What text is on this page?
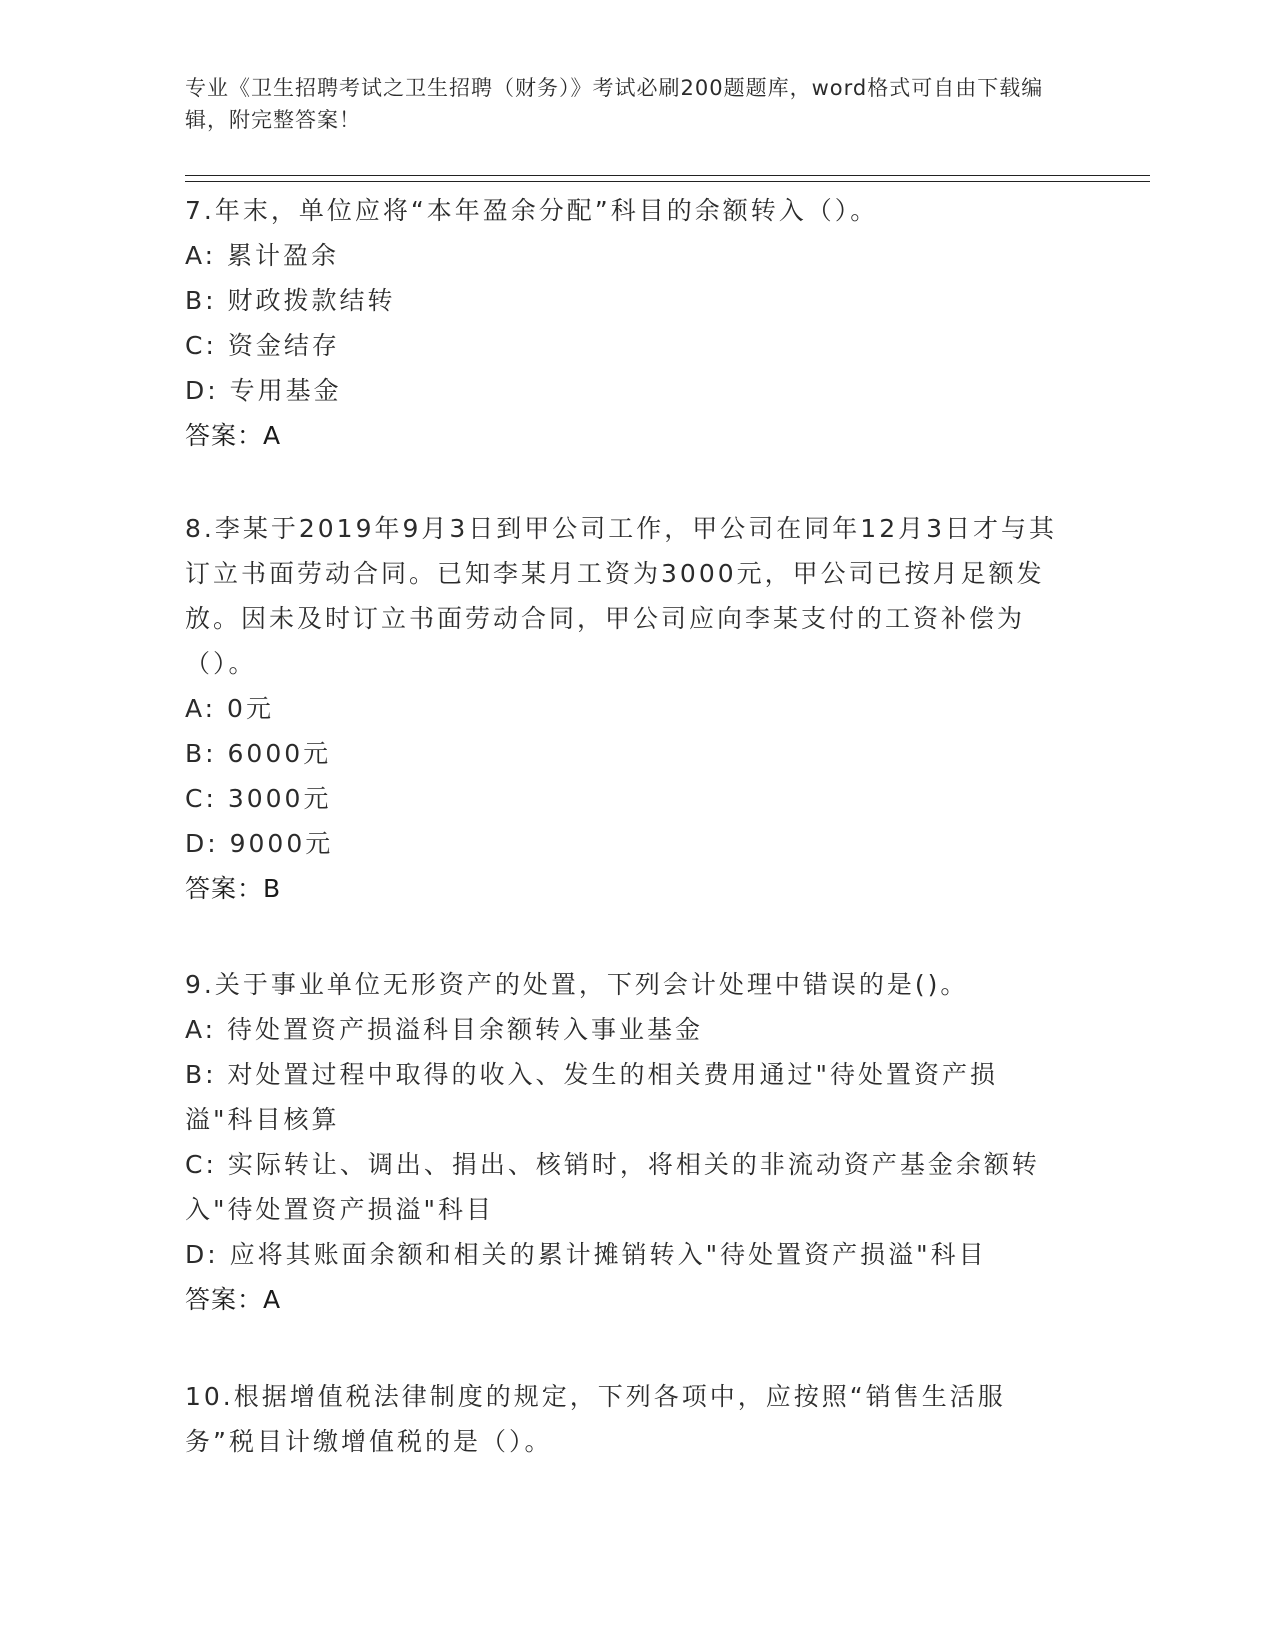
专业《卫生招聘考试之卫生招聘（财务）》考试必刷200题题库，word格式可自由下载编辑，附完整答案！
7.年末，单位应将“本年盈余分配”科目的余额转入（）。
A: 累计盈余
B: 财政拨款结转
C: 资金结存
D: 专用基金
答案：A
8.李某于2019年9月3日到甲公司工作，甲公司在同年12月3日才与其订立书面劳动合同。已知李某月工资为3000元，甲公司已按月足额发放。因未及时订立书面劳动合同，甲公司应向李某支付的工资补偿为（）。
A: 0元
B: 6000元
C: 3000元
D: 9000元
答案：B
9.关于事业单位无形资产的处置，下列会计处理中错误的是()。
A: 待处置资产损溢科目余额转入事业基金
B: 对处置过程中取得的收入、发生的相关费用通过"待处置资产损溢"科目核算
C: 实际转让、调出、捐出、核销时，将相关的非流动资产基金余额转入"待处置资产损溢"科目
D: 应将其账面余额和相关的累计摊销转入"待处置资产损溢"科目
答案：A
10.根据增值税法律制度的规定，下列各项中，应按照“销售生活服务”税目计缴增值税的是（）。
